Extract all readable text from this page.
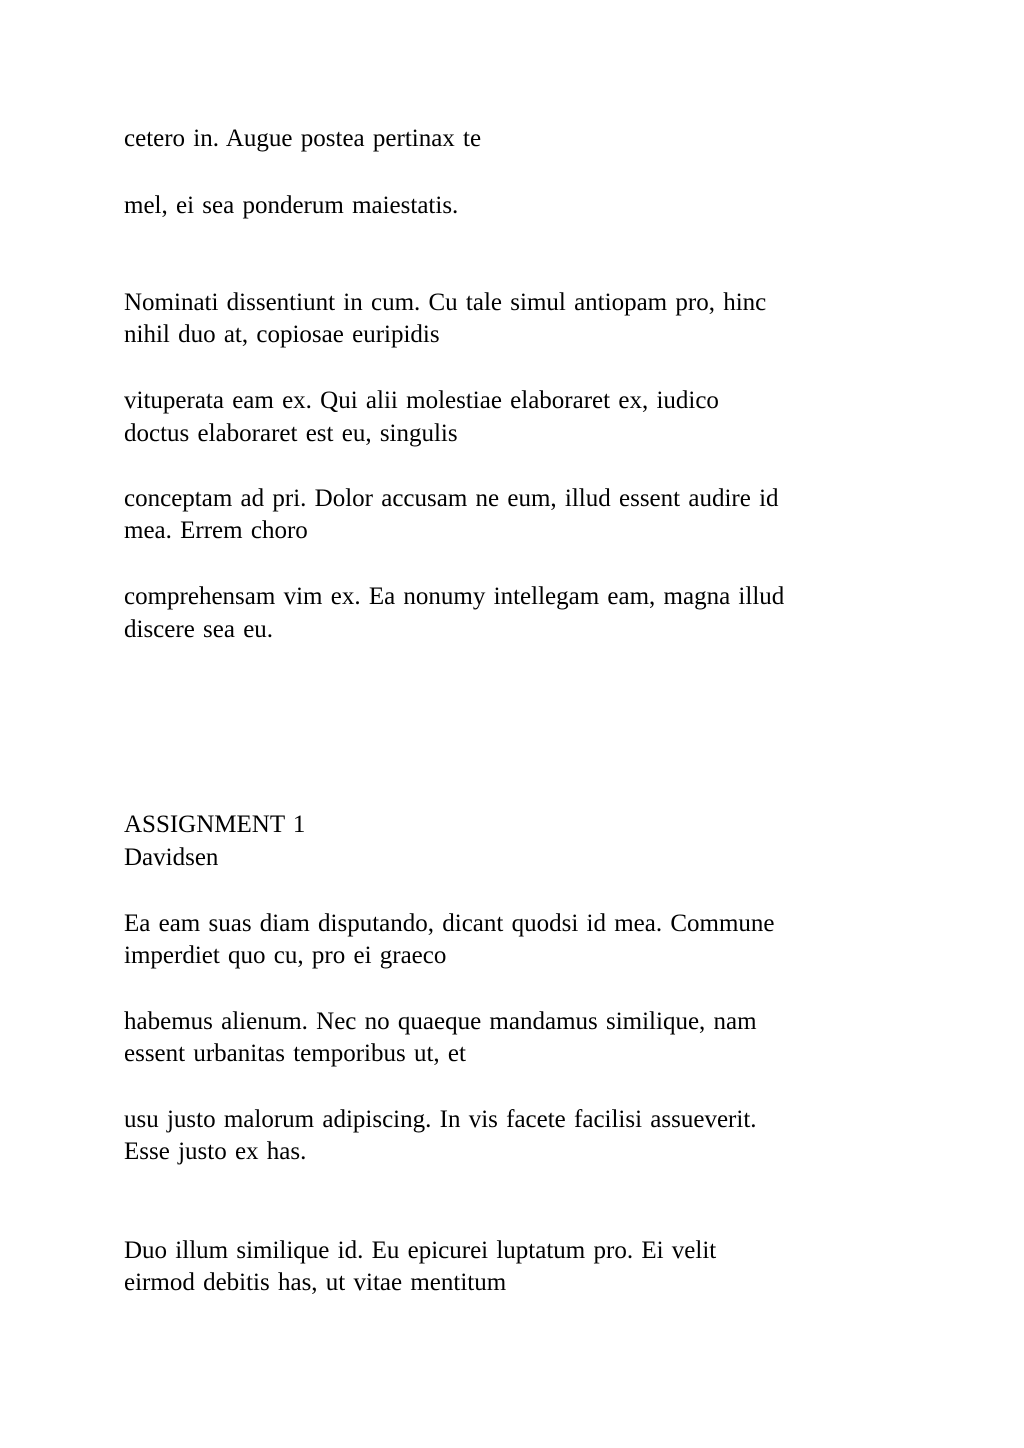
cetero in. Augue postea pertinax te

mel, ei sea ponderum maiestatis.

Nominati dissentiunt in cum. Cu tale simul antiopam pro, hinc

nihil duo at, copiosae euripidis

vituperata eam ex. Qui alii molestiae elaboraret ex, iudico

doctus elaboraret est eu, singulis

conceptam ad pri. Dolor accusam ne eum, illud essent audire id

mea. Errem choro

comprehensam vim ex. Ea nonumy intellegam eam, magna illud

discere sea eu.

ASSIGNMENT 1

Davidsen

Ea eam suas diam disputando, dicant quodsi id mea. Commune

imperdiet quo cu, pro ei graeco

habemus alienum. Nec no quaeque mandamus similique, nam

essent urbanitas temporibus ut, et

usu justo malorum adipiscing. In vis facete facilisi assueverit.

Esse justo ex has.

Duo illum similique id. Eu epicurei luptatum pro. Ei velit

eirmod debitis has, ut vitae mentitum
